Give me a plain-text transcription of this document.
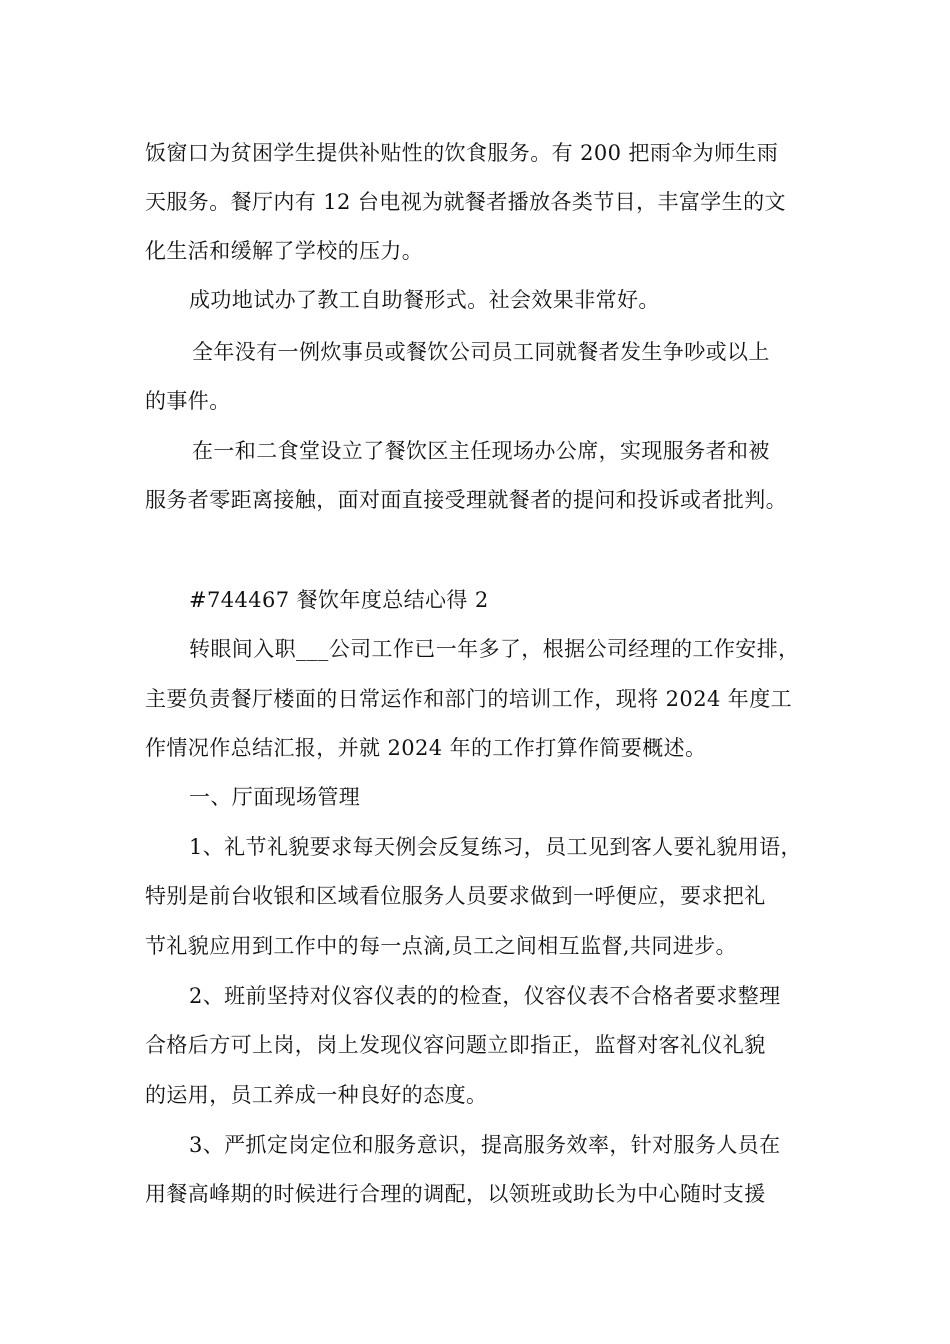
饭窗口为贫困学生提供补贴性的饮食服务。有 200 把雨伞为师生雨
天服务。餐厅内有 12 台电视为就餐者播放各类节目，丰富学生的文
化生活和缓解了学校的压力。
成功地试办了教工自助餐形式。社会效果非常好。
全年没有一例炊事员或餐饮公司员工同就餐者发生争吵或以上
的事件。
在一和二食堂设立了餐饮区主任现场办公席，实现服务者和被
服务者零距离接触，面对面直接受理就餐者的提问和投诉或者批判。
#744467 餐饮年度总结心得 2
转眼间入职___公司工作已一年多了，根据公司经理的工作安排，
主要负责餐厅楼面的日常运作和部门的培训工作，现将 2024 年度工
作情况作总结汇报，并就 2024 年的工作打算作简要概述。
一、厅面现场管理
1、礼节礼貌要求每天例会反复练习，员工见到客人要礼貌用语，
特别是前台收银和区域看位服务人员要求做到一呼便应，要求把礼
节礼貌应用到工作中的每一点滴,员工之间相互监督,共同进步。
2、班前坚持对仪容仪表的的检查，仪容仪表不合格者要求整理
合格后方可上岗，岗上发现仪容问题立即指正，监督对客礼仪礼貌
的运用，员工养成一种良好的态度。
3、严抓定岗定位和服务意识，提高服务效率，针对服务人员在
用餐高峰期的时候进行合理的调配，以领班或助长为中心随时支援
